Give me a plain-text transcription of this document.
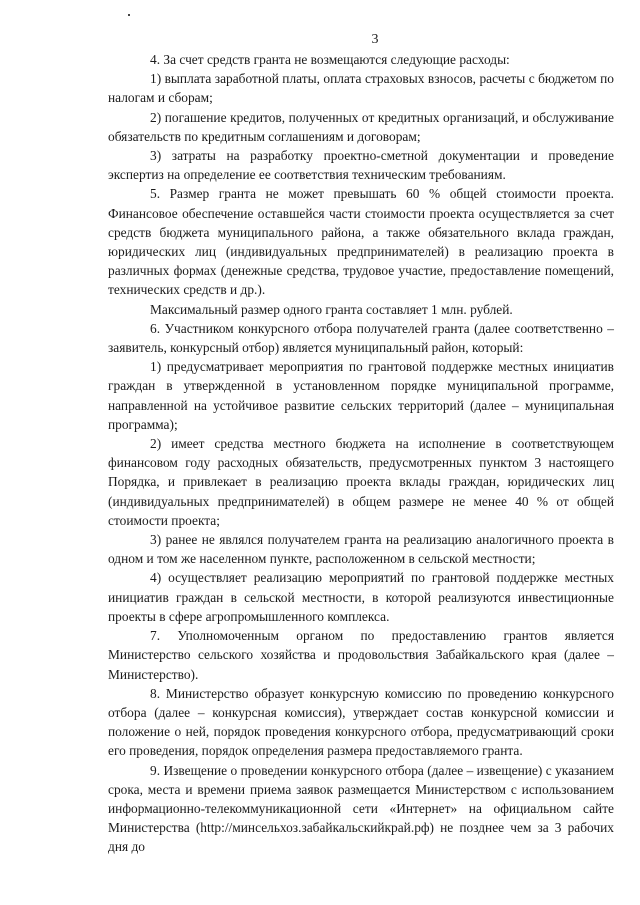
3

4. За счет средств гранта не возмещаются следующие расходы:

1) выплата заработной платы, оплата страховых взносов, расчеты с бюджетом по налогам и сборам;

2) погашение кредитов, полученных от кредитных организаций, и обслуживание обязательств по кредитным соглашениям и договорам;

3) затраты на разработку проектно-сметной документации и проведение экспертиз на определение ее соответствия техническим требованиям.

5. Размер гранта не может превышать 60 % общей стоимости проекта. Финансовое обеспечение оставшейся части стоимости проекта осуществляется за счет средств бюджета муниципального района, а также обязательного вклада граждан, юридических лиц (индивидуальных предпринимателей) в реализацию проекта в различных формах (денежные средства, трудовое участие, предоставление помещений, технических средств и др.).

Максимальный размер одного гранта составляет 1 млн. рублей.

6. Участником конкурсного отбора получателей гранта (далее соответственно – заявитель, конкурсный отбор) является муниципальный район, который:

1) предусматривает мероприятия по грантовой поддержке местных инициатив граждан в утвержденной в установленном порядке муниципальной программе, направленной на устойчивое развитие сельских территорий (далее – муниципальная программа);

2) имеет средства местного бюджета на исполнение в соответствующем финансовом году расходных обязательств, предусмотренных пунктом 3 настоящего Порядка, и привлекает в реализацию проекта вклады граждан, юридических лиц (индивидуальных предпринимателей) в общем размере не менее 40 % от общей стоимости проекта;

3) ранее не являлся получателем гранта на реализацию аналогичного проекта в одном и том же населенном пункте, расположенном в сельской местности;

4) осуществляет реализацию мероприятий по грантовой поддержке местных инициатив граждан в сельской местности, в которой реализуются инвестиционные проекты в сфере агропромышленного комплекса.

7. Уполномоченным органом по предоставлению грантов является Министерство сельского хозяйства и продовольствия Забайкальского края (далее – Министерство).

8. Министерство образует конкурсную комиссию по проведению конкурсного отбора (далее – конкурсная комиссия), утверждает состав конкурсной комиссии и положение о ней, порядок проведения конкурсного отбора, предусматривающий сроки его проведения, порядок определения размера предоставляемого гранта.

9. Извещение о проведении конкурсного отбора (далее – извещение) с указанием срока, места и времени приема заявок размещается Министерством с использованием информационно-телекоммуникационной сети «Интернет» на официальном сайте Министерства (http://минсельхоз.забайкальскийкрай.рф) не позднее чем за 3 рабочих дня до
